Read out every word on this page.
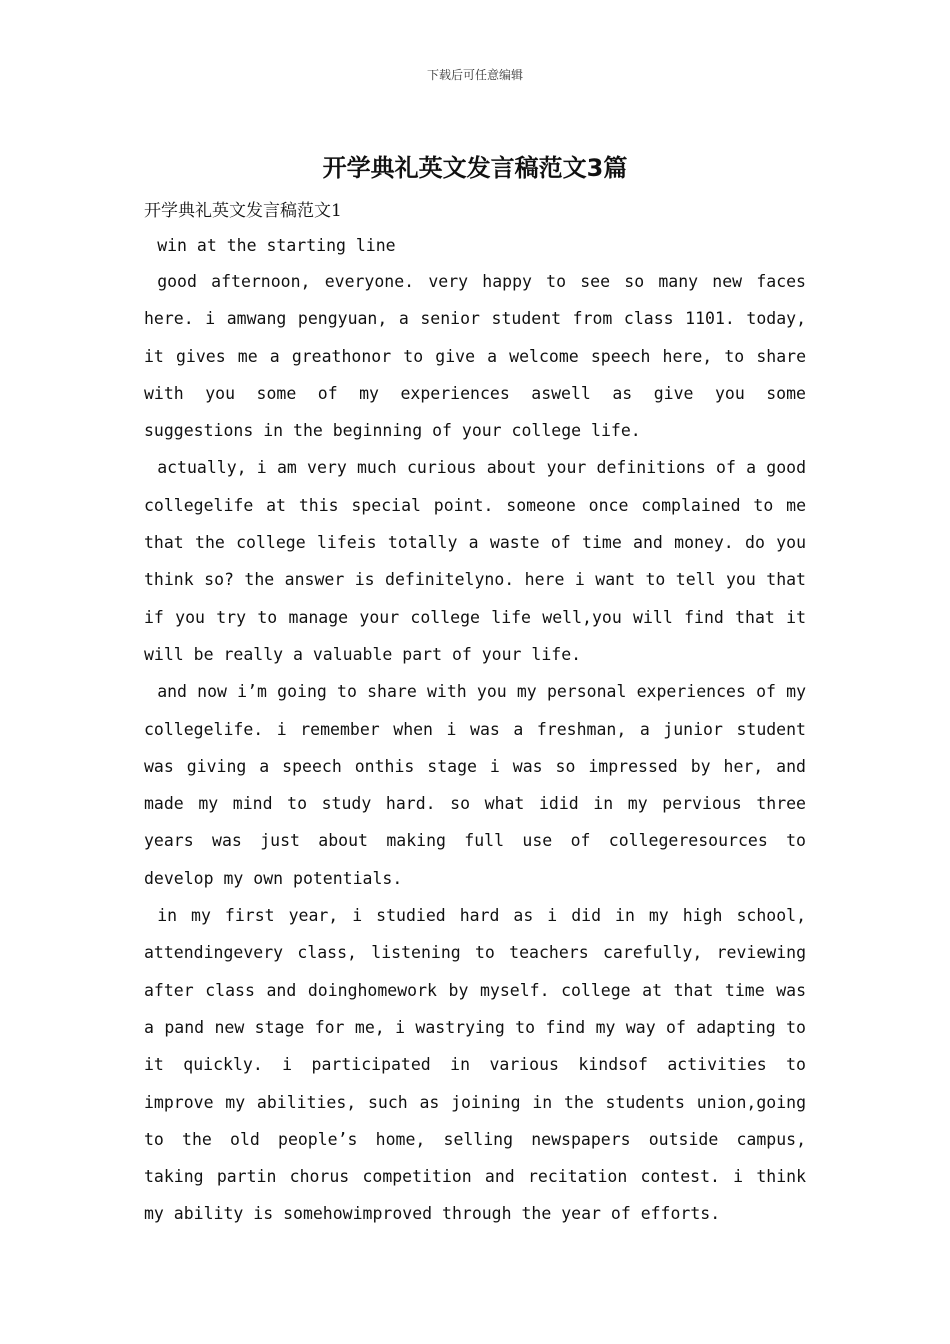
下载后可任意编辑
开学典礼英文发言稿范文3篇

开学典礼英文发言稿范文1

win at the starting line

good afternoon, everyone. very happy to see so many new faces here. i amwang pengyuan, a senior student from class 1101. today, it gives me a greathonor to give a welcome speech here, to share with you some of my experiences aswell as give you some suggestions in the beginning of your college life.

actually, i am very much curious about your definitions of a good collegelife at this special point. someone once complained to me that the college lifeis totally a waste of time and money. do you think so? the answer is definitelyno. here i want to tell you that if you try to manage your college life well,you will find that it will be really a valuable part of your life.

and now i’m going to share with you my personal experiences of my collegelife. i remember when i was a freshman, a junior student was giving a speech onthis stage i was so impressed by her, and made my mind to study hard. so what idid in my pervious three years was just about making full use of collegeresources to develop my own potentials.

in my first year, i studied hard as i did in my high school, attendingevery class, listening to teachers carefully, reviewing after class and doinghomework by myself. college at that time was a pand new stage for me, i wastrying to find my way of adapting to it quickly. i participated in various kindsof activities to improve my abilities, such as joining in the students union,going to the old people’s home, selling newspapers outside campus, taking partin chorus competition and recitation contest. i think my ability is somehowimproved through the year of efforts.
